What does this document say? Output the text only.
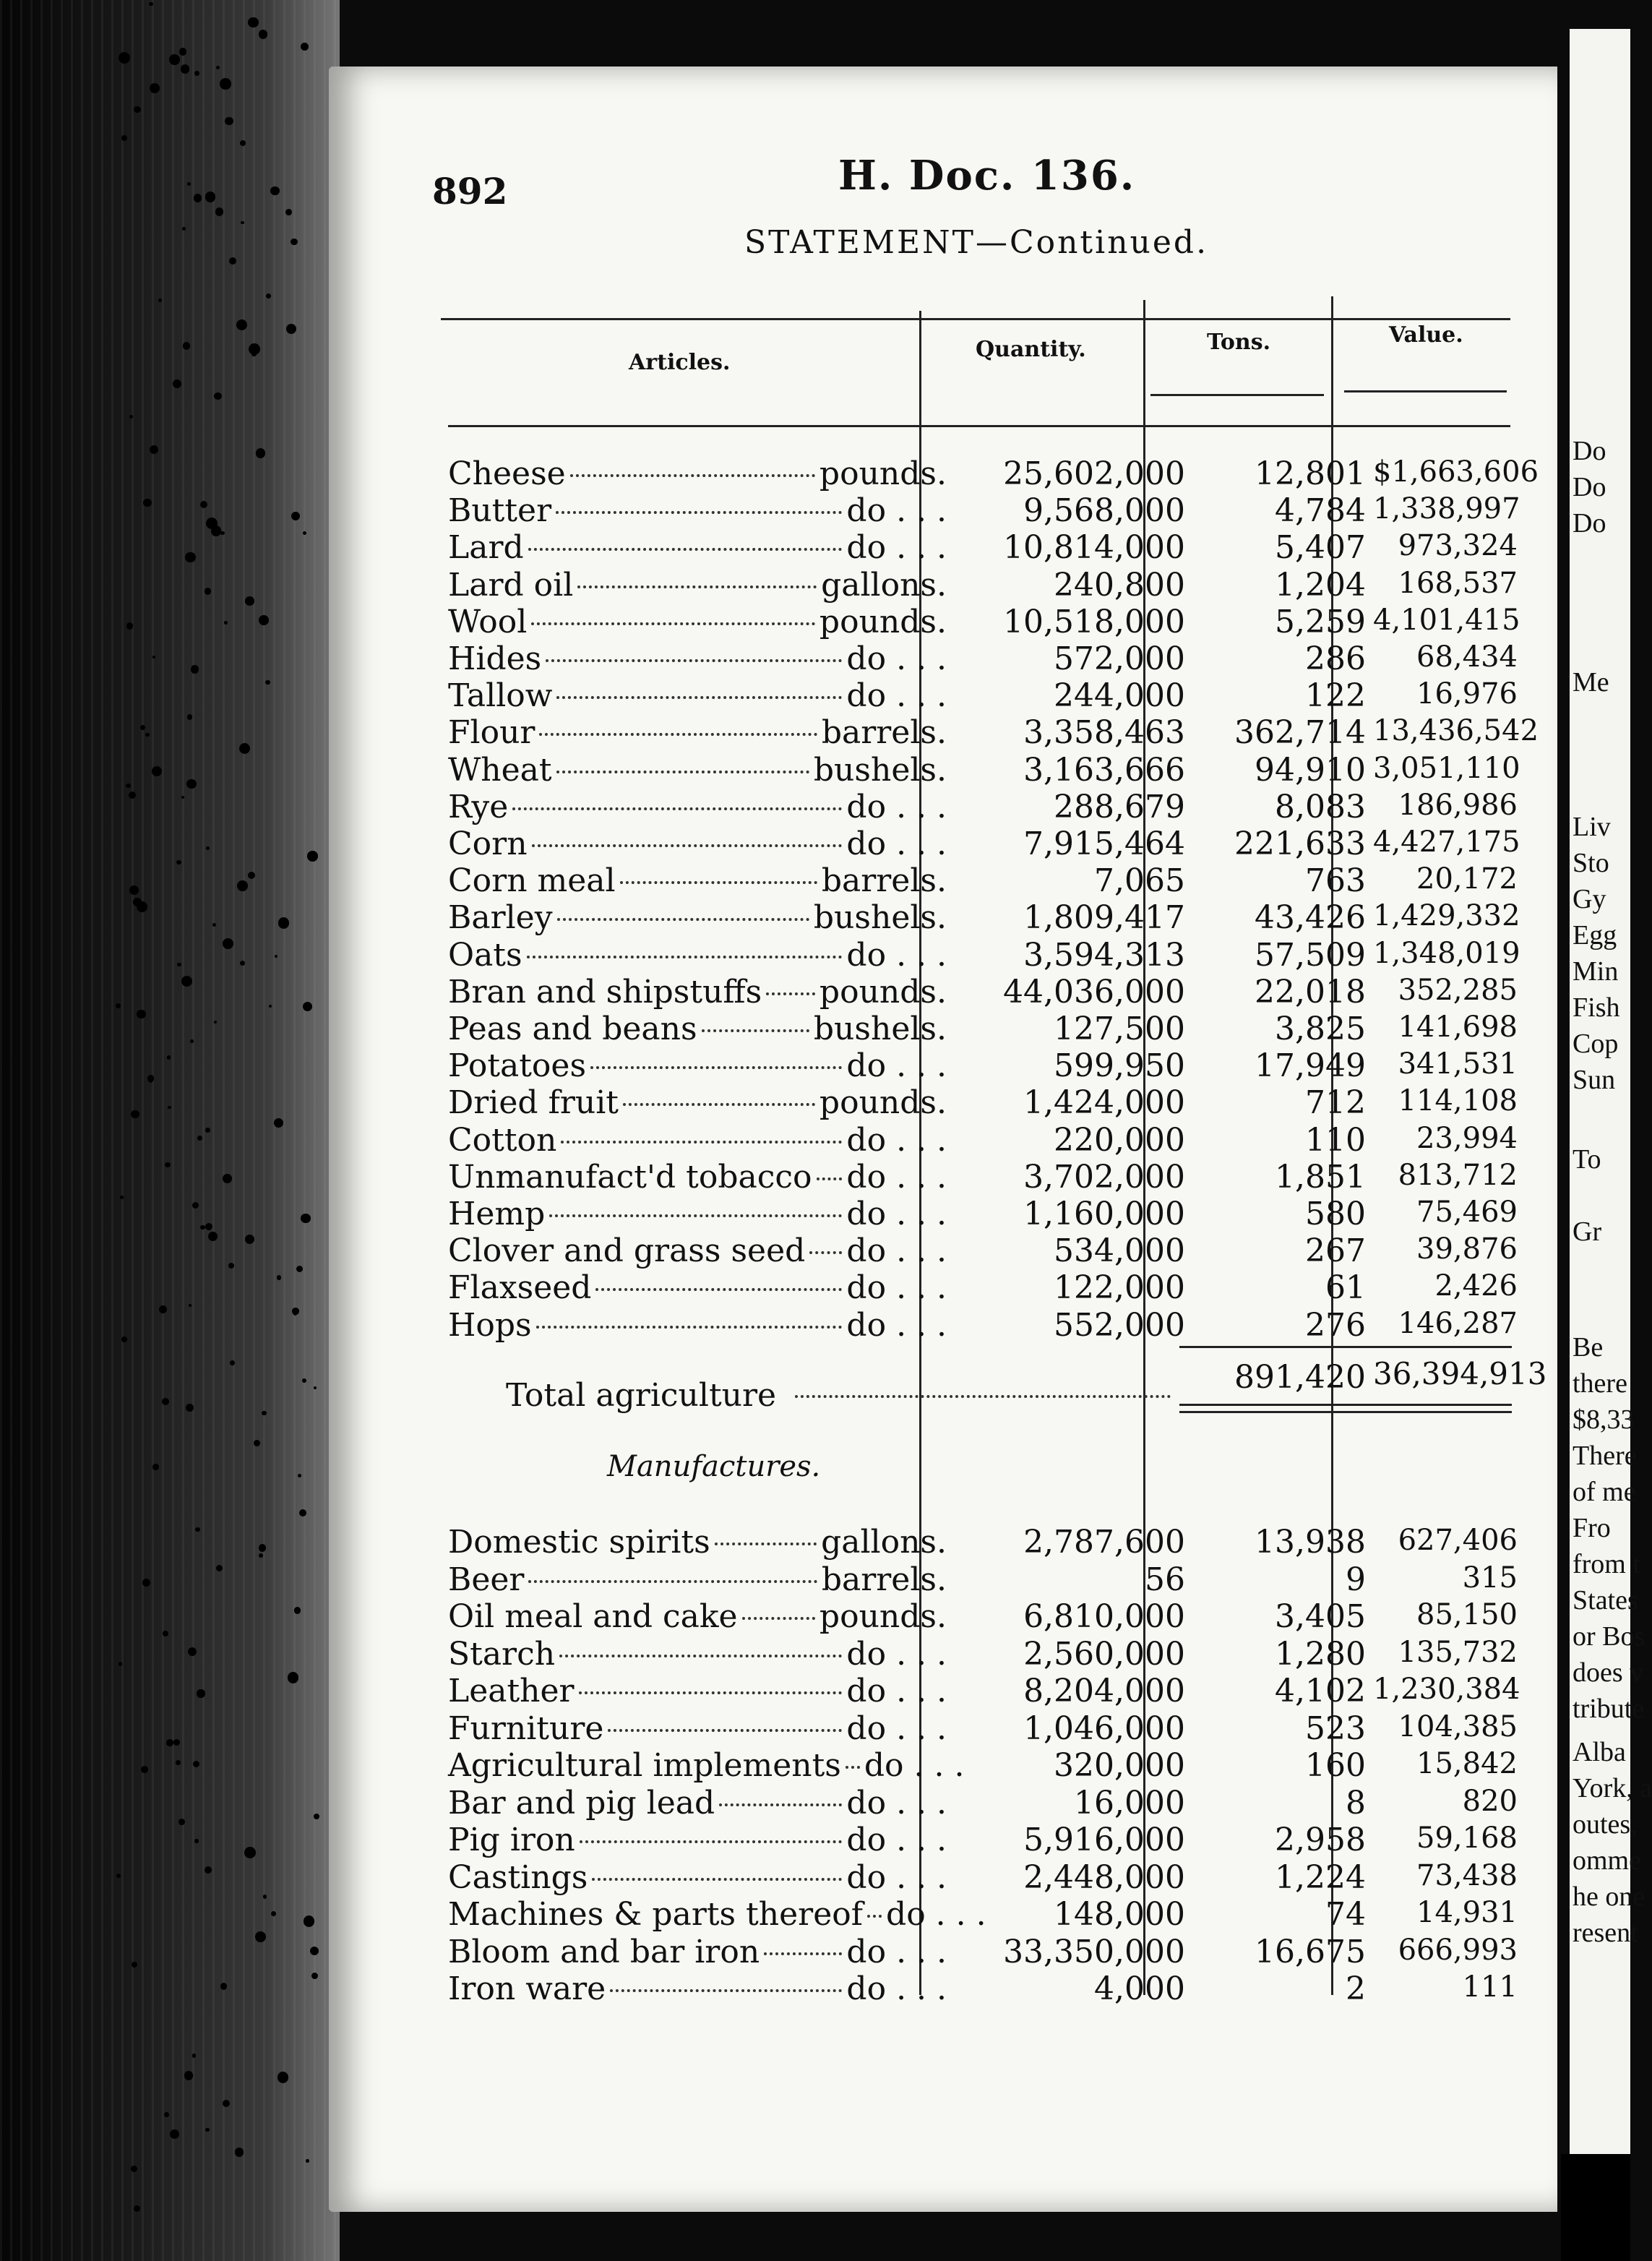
Do
Do
Do
Me
Liv
Sto
Gy
Egg
Min
Fish
Cop
Sun
To
Gr
Be
there
$8,33
There
of me
Fro
from t
States
or Bos
does v
tribute
Alba
York, a
outes,
omme
he one
resent
892	H. Doc. 136.
STATEMENT—Continued.
Articles.
Quantity.	Tons.	Value.
Cheese	pounds.	25,602,000	12,801 $1,663,606
Butter	do . . .	9,568,000	4,784 1,338,997
Lard	do . . .	10,814,000	5,407	973,324
Lard oil	gallons.	240,800	1,204	168,537
Wool	pounds.	10,518,000	5,259 4,101,415
Hides	do . . .	572,000	286	68,434
Tallow	do . . .	244,000	122	16,976
Flour	barrels.	3,358,463	362,714 13,436,542
Wheat	bushels.	3,163,666	94,910 3,051,110
Rye	do . . .	288,679	8,083	186,986
Corn	do . . .	7,915,464	221,633 4,427,175
Corn meal	barrels.	7,065	763	20,172
Barley	bushels.	1,809,417	43,426 1,429,332
Oats	do . . .	3,594,313	57,509 1,348,019
Bran and shipstuffs pounds.	44,036,000	22,018	352,285
Peas and beans	bushels.	127,500	3,825	141,698
Potatoes	do . . .	599,950	17,949	341,531
Dried fruit	pounds.	1,424,000	712	114,108
Cotton	do . . .	220,000	110	23,994
Unmanufact'd tobacco do . . .	3,702,000	1,851	813,712
Hemp	do . . .	1,160,000	580	75,469
Clover and grass seed do . . .	534,000	267	39,876
Flaxseed	do . . .	122,000	61	2,426
Hops	do . . .	552,000	276	146,287
Total agriculture	891,420 36,394,913
Manufactures.
Domestic spirits	gallons.	2,787,600	13,938	627,406
Beer	barrels.	56	9	315
Oil meal and cake	pounds.	6,810,000	3,405	85,150
Starch	do . . .	2,560,000	1,280	135,732
Leather	do . . .	8,204,000	4,102 1,230,384
Furniture	do . . .	1,046,000	523	104,385
Agricultural implements do . . .	320,000	160	15,842
Bar and pig lead	do . . .	16,000	8	820
Pig iron	do . . .	5,916,000	2,958	59,168
Castings	do . . .	2,448,000	1,224	73,438
Machines & parts thereof do . . .	148,000	74	14,931
Bloom and bar iron	do . . .	33,350,000	16,675	666,993
Iron ware	do . . .	4,000	2	111
